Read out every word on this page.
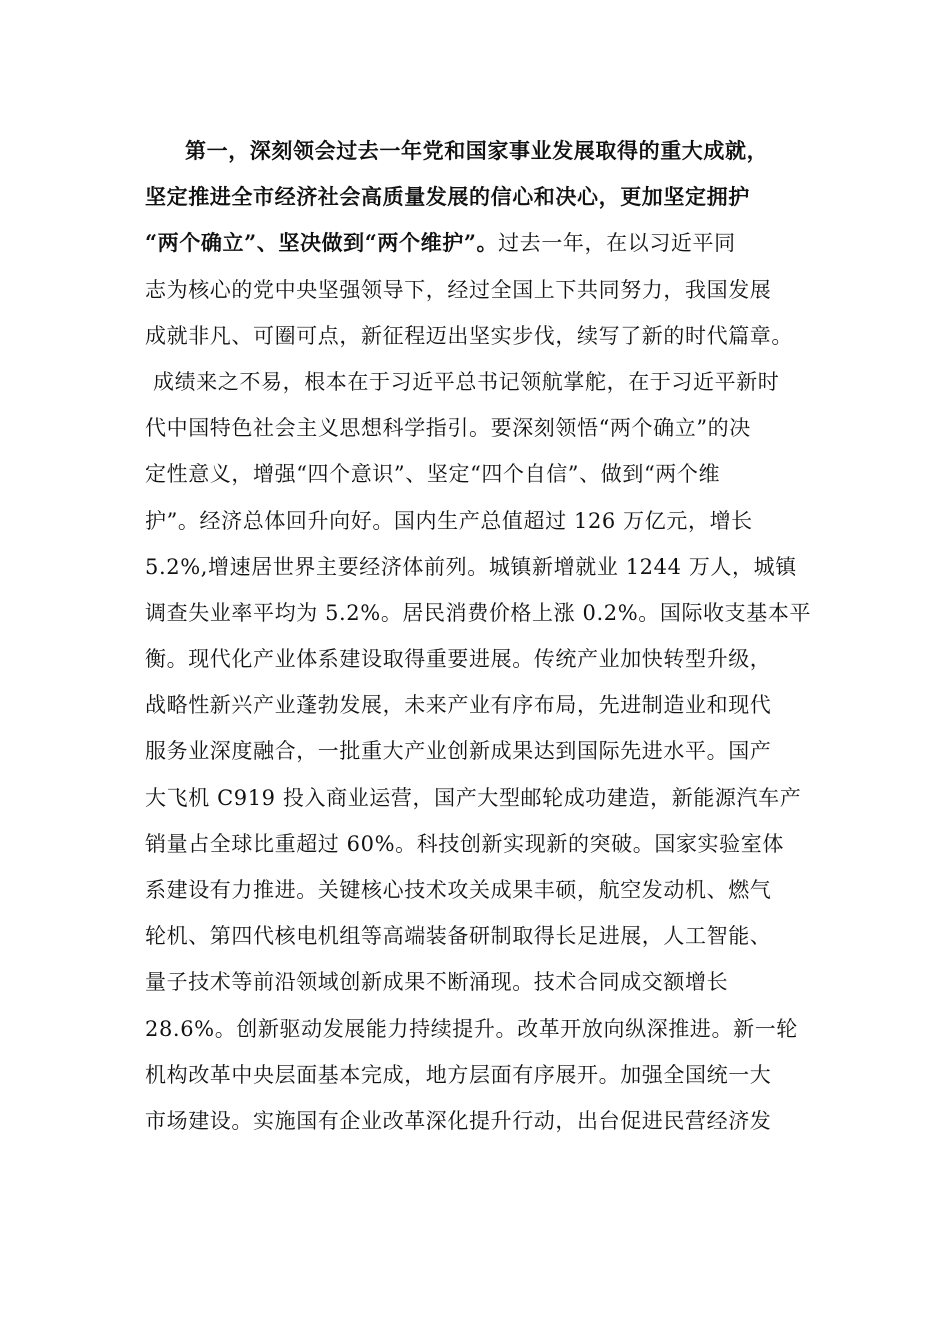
第一，深刻领会过去一年党和国家事业发展取得的重大成就，
坚定推进全市经济社会高质量发展的信心和决心，更加坚定拥护
“两个确立”、坚决做到“两个维护”。过去一年，在以习近平同
志为核心的党中央坚强领导下，经过全国上下共同努力，我国发展
成就非凡、可圈可点，新征程迈出坚实步伐，续写了新的时代篇章。
成绩来之不易，根本在于习近平总书记领航掌舵，在于习近平新时
代中国特色社会主义思想科学指引。要深刻领悟“两个确立”的决
定性意义，增强“四个意识”、坚定“四个自信”、做到“两个维
护”。经济总体回升向好。国内生产总值超过 126 万亿元，增长
5.2%,增速居世界主要经济体前列。城镇新增就业 1244 万人，城镇
调查失业率平均为 5.2%。居民消费价格上涨 0.2%。国际收支基本平
衡。现代化产业体系建设取得重要进展。传统产业加快转型升级，
战略性新兴产业蓬勃发展，未来产业有序布局，先进制造业和现代
服务业深度融合，一批重大产业创新成果达到国际先进水平。国产
大飞机 C919 投入商业运营，国产大型邮轮成功建造，新能源汽车产
销量占全球比重超过 60%。科技创新实现新的突破。国家实验室体
系建设有力推进。关键核心技术攻关成果丰硕，航空发动机、燃气
轮机、第四代核电机组等高端装备研制取得长足进展，人工智能、
量子技术等前沿领域创新成果不断涌现。技术合同成交额增长
28.6%。创新驱动发展能力持续提升。改革开放向纵深推进。新一轮
机构改革中央层面基本完成，地方层面有序展开。加强全国统一大
市场建设。实施国有企业改革深化提升行动，出台促进民营经济发
